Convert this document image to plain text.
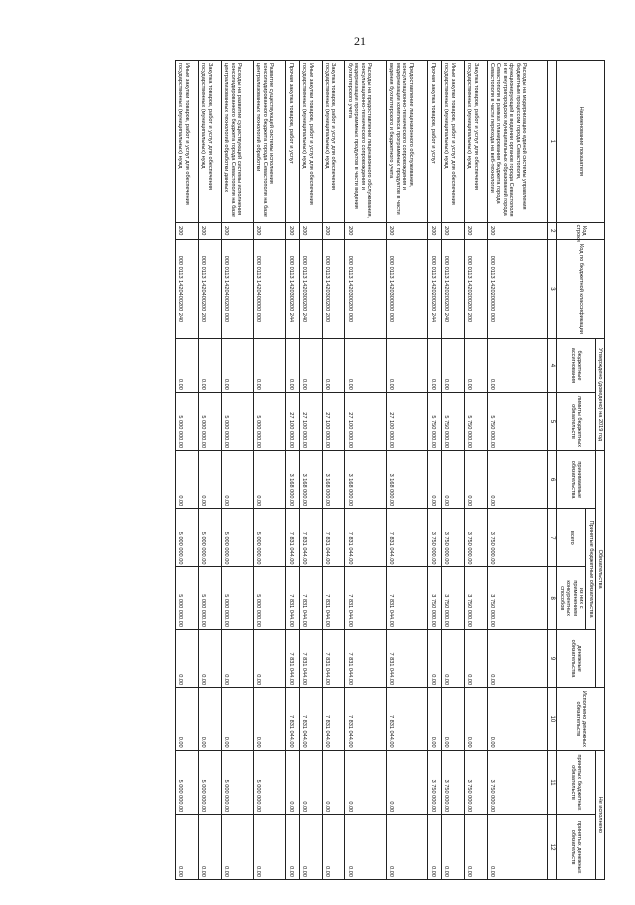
21
Наименование показателя	Код строки	Код по бюджетной классификации	Утверждено (доведено) на 2019 год		Обязательства				Исполнено денежных обязательств	Не исполнено	
			бюджетные ассигнования	лимиты бюджетных обязательств	принимаемые обязательства	Принятые бюджетные обязательства		денежные обязательства		принятых бюджетных обязательств	принятых денежных обязательств
						всего	из них с применением конкурентных способов				
1	2	3	4	5	6	7	8	9	10	11	12
Расходы на модернизацию единой системы управления бюджетным процессом города Севастополя, функционирующей в ведении органов города Севастополя и ее внутригородских муниципальных образований города Севастополя в рамках планирования бюджета города Севастополя в части перехода на веб-технологии	200	000 0113 1420200000 000	0.00	5 750 000.00	0.00	3 750 000.00	3 750 000.00	0.00	0.00	3 750 000.00	0.00
Закупка товаров, работ и услуг для обеспечения государственных (муниципальных) нужд	200	000 0113 1420200200 200	0.00	5 750 000.00	0.00	3 750 000.00	3 750 000.00	0.00	0.00	3 750 000.00	0.00
Иные закупки товаров, работ и услуг для обеспечения государственных (муниципальных) нужд	200	000 0113 1420200200 240	0.00	5 750 000.00	0.00	3 750 000.00	3 750 000.00	0.00	0.00	3 750 000.00	0.00
Прочая закупка товаров, работ и услуг	200	000 0113 1420200200 244	0.00	5 750 000.00	0.00	3 750 000.00	3 750 000.00	0.00	0.00	3 750 000.00	0.00
Предоставление лицензионного обслуживания, консультационно-технического сопровождения и модернизации комплекса программных продуктов в части ведения бухгалтерского и бюджетного учета	200	000 0113 1420300000 000	0.00	27 100 000.00	3 168 000.00	7 831 044.00	7 831 044.00	7 831 044.00	7 831 044.00	0.00	0.00
Расходы на предоставление лицензионного обслуживания, консультационно-технического сопровождения и модернизации программных продуктов в части ведения бухгалтерского учета	200	000 0113 1420300200 000	0.00	27 100 000.00	3 168 000.00	7 831 044.00	7 831 044.00	7 831 044.00	7 831 044.00	0.00	0.00
Закупка товаров, работ и услуг для обеспечения государственных (муниципальных) нужд	200	000 0113 1420300200 200	0.00	27 100 000.00	3 168 000.00	7 831 044.00	7 831 044.00	7 831 044.00	7 831 044.00	0.00	0.00
Иные закупки товаров, работ и услуг для обеспечения государственных (муниципальных) нужд	200	000 0113 1420300200 240	0.00	27 100 000.00	3 168 000.00	7 831 044.00	7 831 044.00	7 831 044.00	7 831 044.00	0.00	0.00
Прочая закупка товаров, работ и услуг	200	000 0113 1420300200 244	0.00	27 100 000.00	3 168 000.00	7 831 044.00	7 831 044.00	7 831 044.00	7 831 044.00	0.00	0.00
Развитие существующей системы исполнения консолидированного бюджета города Севастополя на базе централизованных технологий обработки	200	000 0113 1420400000 000	0.00	5 000 000.00	0.00	5 000 000.00	5 000 000.00	0.00	0.00	5 000 000.00	0.00
Расходы на развитие существующей системы исполнения консолидированного бюджета города Севастополя на базе централизованных технологий обработки данных	200	000 0113 1420400200 000	0.00	5 000 000.00	0.00	5 000 000.00	5 000 000.00	0.00	0.00	5 000 000.00	0.00
Закупка товаров, работ и услуг для обеспечения государственных (муниципальных) нужд	200	000 0113 1420400200 200	0.00	5 000 000.00	0.00	5 000 000.00	5 000 000.00	0.00	0.00	5 000 000.00	0.00
Иные закупки товаров, работ и услуг для обеспечения государственных (муниципальных) нужд	200	000 0113 1420400200 240	0.00	5 000 000.00	0.00	5 000 000.00	5 000 000.00	0.00	0.00	5 000 000.00	0.00
